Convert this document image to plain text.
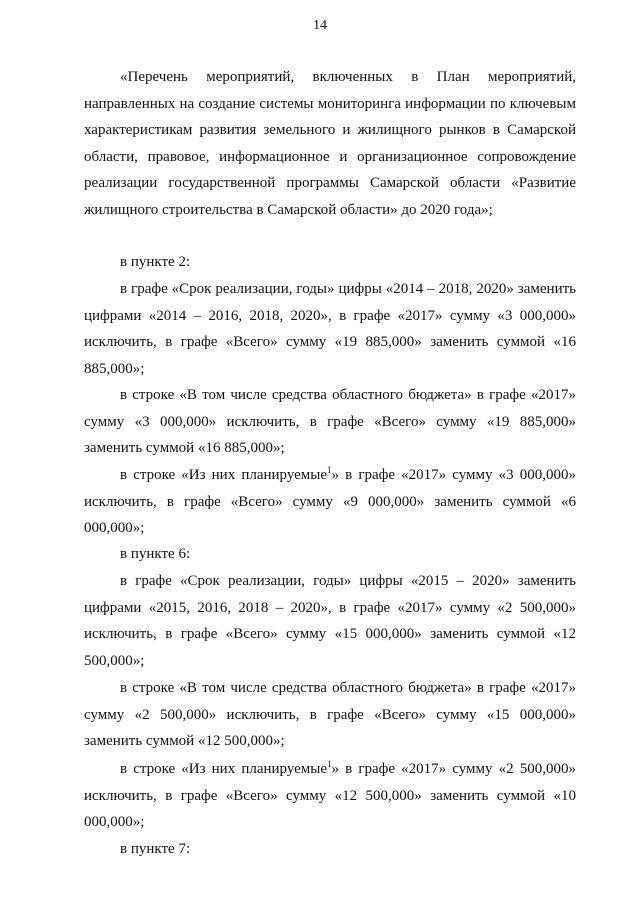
14

«Перечень мероприятий, включенных в План мероприятий, направленных на создание системы мониторинга информации по ключевым характеристикам развития земельного и жилищного рынков в Самарской области, правовое, информационное и организационное сопровождение реализации государственной программы Самарской области «Развитие жилищного строительства в Самарской области» до 2020 года»;

в пункте 2:

в графе «Срок реализации, годы» цифры «2014 – 2018, 2020» заменить цифрами «2014 – 2016, 2018, 2020», в графе «2017» сумму «3 000,000» исключить, в графе «Всего» сумму «19 885,000» заменить суммой «16 885,000»;

в строке «В том числе средства областного бюджета» в графе «2017» сумму «3 000,000» исключить, в графе «Всего» сумму «19 885,000» заменить суммой «16 885,000»;

в строке «Из них планируемые$^1$» в графе «2017» сумму «3 000,000» исключить, в графе «Всего» сумму «9 000,000» заменить суммой «6 000,000»;

в пункте 6:

в графе «Срок реализации, годы» цифры «2015 – 2020» заменить цифрами «2015, 2016, 2018 – 2020», в графе «2017» сумму «2 500,000» исключить, в графе «Всего» сумму «15 000,000» заменить суммой «12 500,000»;

в строке «В том числе средства областного бюджета» в графе «2017» сумму «2 500,000» исключить, в графе «Всего» сумму «15 000,000» заменить суммой «12 500,000»;

в строке «Из них планируемые$^1$» в графе «2017» сумму «2 500,000» исключить, в графе «Всего» сумму «12 500,000» заменить суммой «10 000,000»;

в пункте 7:
